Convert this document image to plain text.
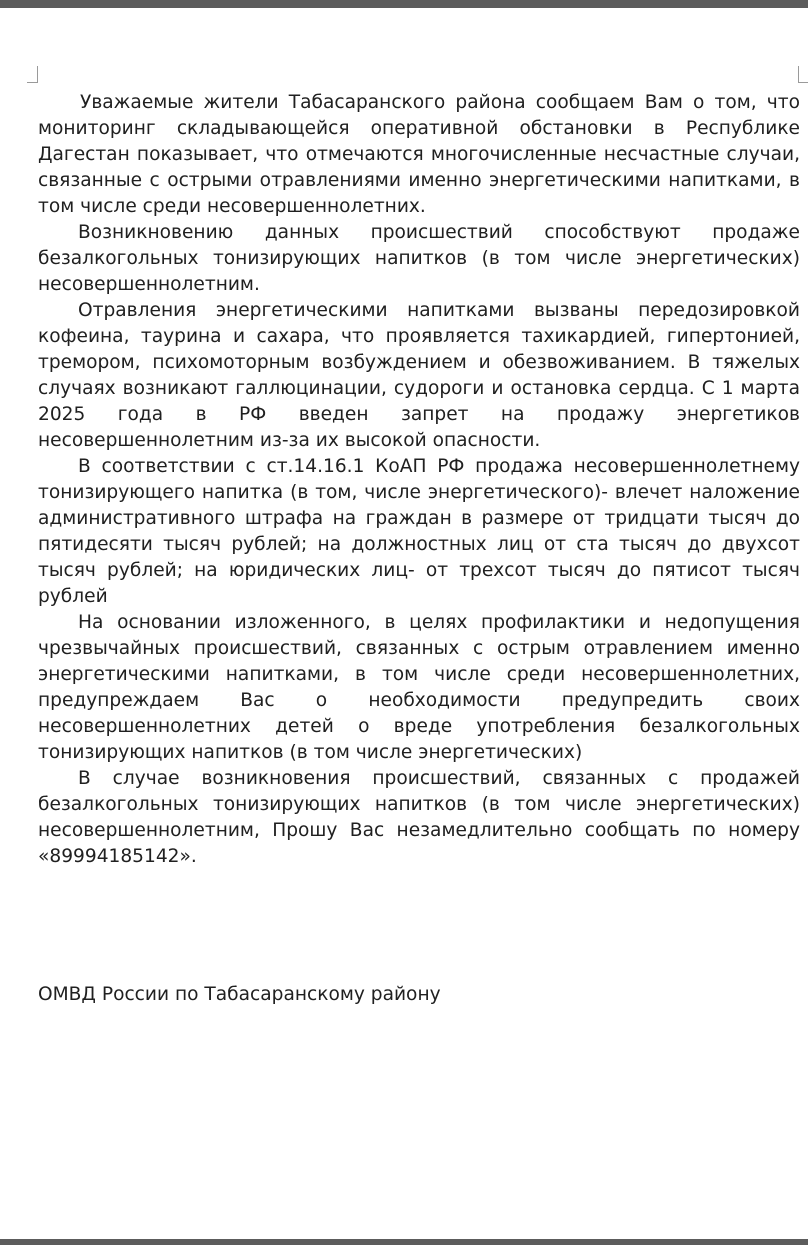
Уважаемые жители Табасаранского района сообщаем Вам о том, что мониторинг складывающейся оперативной обстановки в Республике Дагестан показывает, что отмечаются многочисленные несчастные случаи, связанные с острыми отравлениями именно энергетическими напитками, в том числе среди несовершеннолетних.

Возникновению данных происшествий способствуют продаже безалкогольных тонизирующих напитков (в том числе энергетических) несовершеннолетним.

Отравления энергетическими напитками вызваны передозировкой кофеина, таурина и сахара, что проявляется тахикардией, гипертонией, тремором, психомоторным возбуждением и обезвоживанием. В тяжелых случаях возникают галлюцинации, судороги и остановка сердца. С 1 марта 2025 года в РФ введен запрет на продажу энергетиков несовершеннолетним из-за их высокой опасности.

В соответствии с ст.14.16.1 КоАП РФ продажа несовершеннолетнему тонизирующего напитка (в том, числе энергетического)- влечет наложение административного штрафа на граждан в размере от тридцати тысяч до пятидесяти тысяч рублей; на должностных лиц от ста тысяч до двухсот тысяч рублей; на юридических лиц- от трехсот тысяч до пятисот тысяч рублей

На основании изложенного, в целях профилактики и недопущения чрезвычайных происшествий, связанных с острым отравлением именно энергетическими напитками, в том числе среди несовершеннолетних, предупреждаем Вас о необходимости предупредить своих несовершеннолетних детей о вреде употребления безалкогольных тонизирующих напитков (в том числе энергетических)

В случае возникновения происшествий, связанных с продажей безалкогольных тонизирующих напитков (в том числе энергетических) несовершеннолетним, Прошу Вас незамедлительно сообщать по номеру «89994185142».

ОМВД России по Табасаранскому району
